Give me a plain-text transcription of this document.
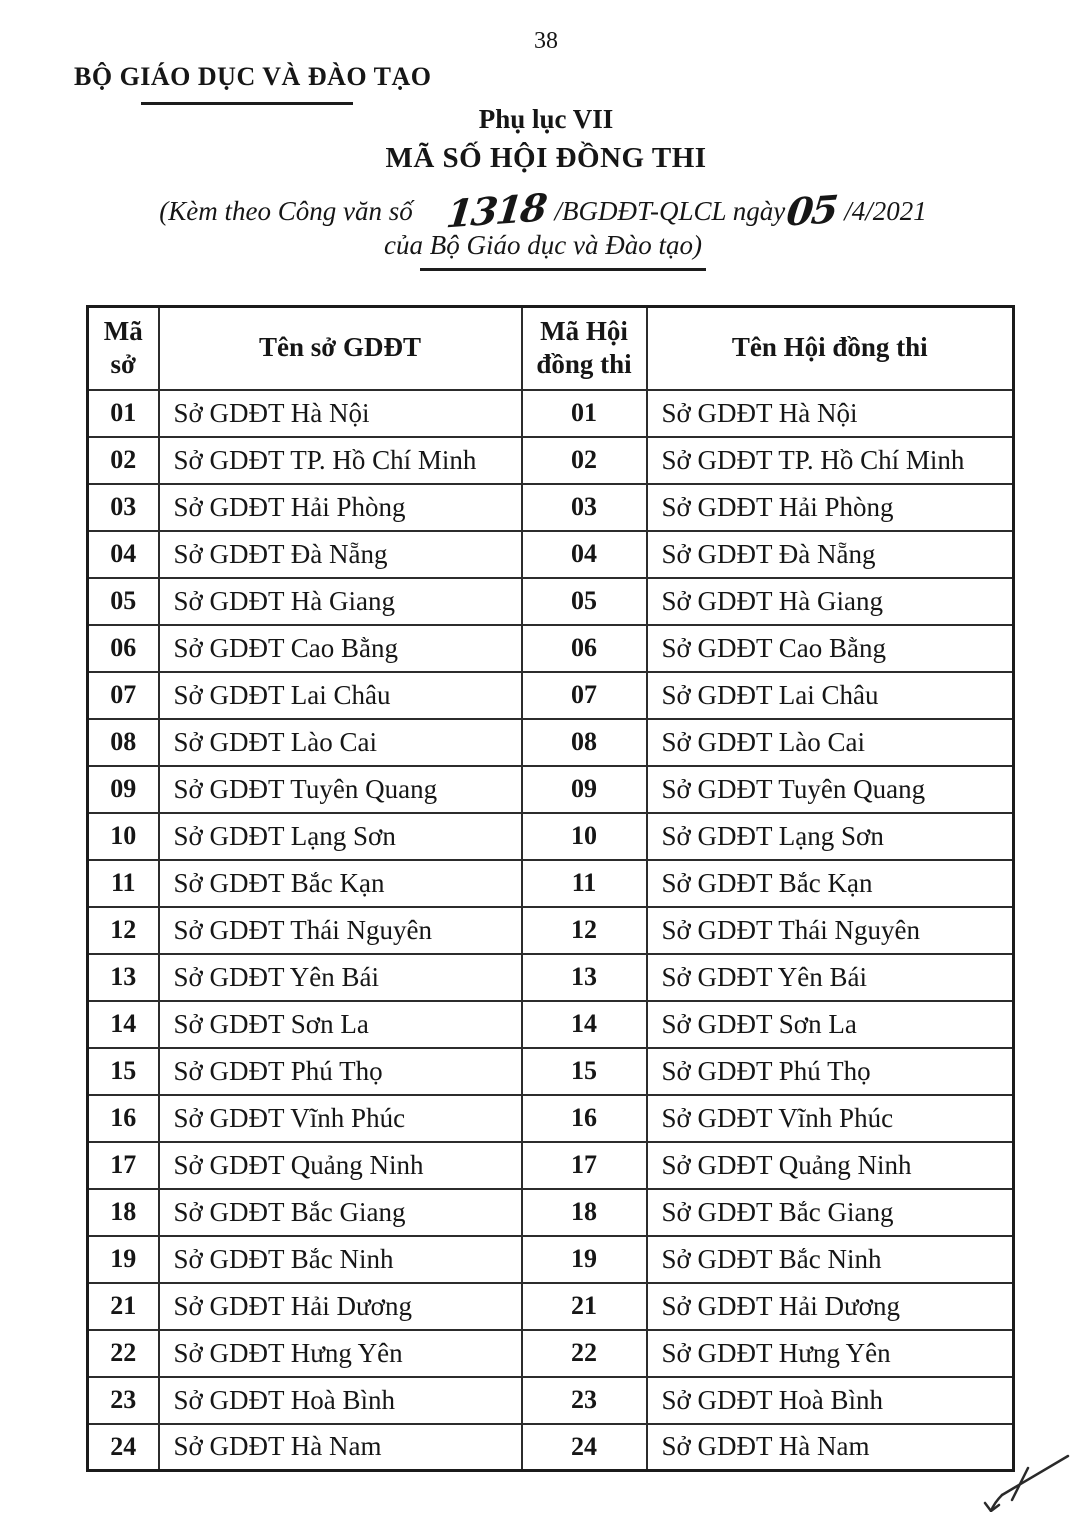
38
BỘ GIÁO DỤC VÀ ĐÀO TẠO
Phụ lục VII
MÃ SỐ HỘI ĐỒNG THI
(Kèm theo Công văn số 1318 /BGDĐT-QLCL ngày05 /4/2021
của Bộ Giáo dục và Đào tạo)
Mã sở	Tên sở GDĐT	Mã Hội đồng thi	Tên Hội đồng thi
01	Sở GDĐT Hà Nội	01	Sở GDĐT Hà Nội
02	Sở GDĐT TP. Hồ Chí Minh	02	Sở GDĐT TP. Hồ Chí Minh
03	Sở GDĐT Hải Phòng	03	Sở GDĐT Hải Phòng
04	Sở GDĐT Đà Nẵng	04	Sở GDĐT Đà Nẵng
05	Sở GDĐT Hà Giang	05	Sở GDĐT Hà Giang
06	Sở GDĐT Cao Bằng	06	Sở GDĐT Cao Bằng
07	Sở GDĐT Lai Châu	07	Sở GDĐT Lai Châu
08	Sở GDĐT Lào Cai	08	Sở GDĐT Lào Cai
09	Sở GDĐT Tuyên Quang	09	Sở GDĐT Tuyên Quang
10	Sở GDĐT Lạng Sơn	10	Sở GDĐT Lạng Sơn
11	Sở GDĐT Bắc Kạn	11	Sở GDĐT Bắc Kạn
12	Sở GDĐT Thái Nguyên	12	Sở GDĐT Thái Nguyên
13	Sở GDĐT Yên Bái	13	Sở GDĐT Yên Bái
14	Sở GDĐT Sơn La	14	Sở GDĐT Sơn La
15	Sở GDĐT Phú Thọ	15	Sở GDĐT Phú Thọ
16	Sở GDĐT Vĩnh Phúc	16	Sở GDĐT Vĩnh Phúc
17	Sở GDĐT Quảng Ninh	17	Sở GDĐT Quảng Ninh
18	Sở GDĐT Bắc Giang	18	Sở GDĐT Bắc Giang
19	Sở GDĐT Bắc Ninh	19	Sở GDĐT Bắc Ninh
21	Sở GDĐT Hải Dương	21	Sở GDĐT Hải Dương
22	Sở GDĐT Hưng Yên	22	Sở GDĐT Hưng Yên
23	Sở GDĐT Hoà Bình	23	Sở GDĐT Hoà Bình
24	Sở GDĐT Hà Nam	24	Sở GDĐT Hà Nam
